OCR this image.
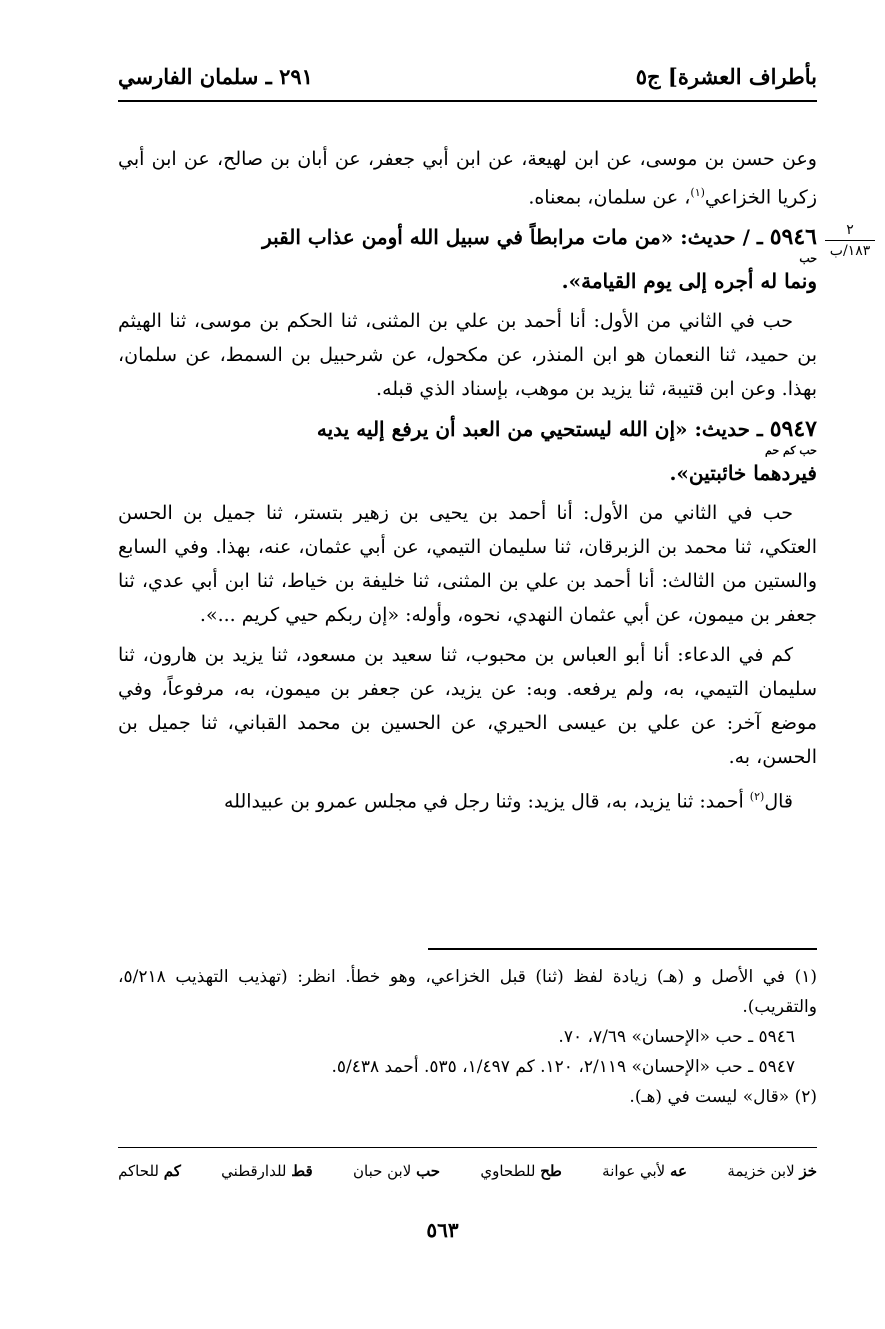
بأطراف العشرة] ج٥
٢٩١ ـ سلمان الفارسي
٢
١٨٣/ب

وعن حسن بن موسى، عن ابن لهيعة، عن ابن أبي جعفر، عن أبان بن صالح، عن ابن أبي زكريا الخزاعي$^{(١)}$، عن سلمان، بمعناه.

٥٩٤٦ ـ / حديث: «من مات مرابطاً في سبيل الله أومن عذاب القبر
حب
ونما له أجره إلى يوم القيامة».

حب في الثاني من الأول: أنا أحمد بن علي بن المثنى، ثنا الحكم بن موسى، ثنا الهيثم بن حميد، ثنا النعمان هو ابن المنذر، عن مكحول، عن شرحبيل بن السمط، عن سلمان، بهذا. وعن ابن قتيبة، ثنا يزيد بن موهب، بإسناد الذي قبله.

٥٩٤٧ ـ حديث: «إن الله ليستحيي من العبد أن يرفع إليه يديه
حب كم حم
فيردهما خائبتين».

حب في الثاني من الأول: أنا أحمد بن يحيى بن زهير بتستر، ثنا جميل بن الحسن العتكي، ثنا محمد بن الزبرقان، ثنا سليمان التيمي، عن أبي عثمان، عنه، بهذا. وفي السابع والستين من الثالث: أنا أحمد بن علي بن المثنى، ثنا خليفة بن خياط، ثنا ابن أبي عدي، ثنا جعفر بن ميمون، عن أبي عثمان النهدي، نحوه، وأوله: «إن ربكم حيي كريم ...».

كم في الدعاء: أنا أبو العباس بن محبوب، ثنا سعيد بن مسعود، ثنا يزيد بن هارون، ثنا سليمان التيمي، به، ولم يرفعه. وبه: عن يزيد، عن جعفر بن ميمون، به، مرفوعاً، وفي موضع آخر: عن علي بن عيسى الحيري، عن الحسين بن محمد القباني، ثنا جميل بن الحسن، به.

قال$^{(٢)}$ أحمد: ثنا يزيد، به، قال يزيد: وثنا رجل في مجلس عمرو بن عبيدالله

(١) في الأصل و (هـ) زيادة لفظ (ثنا) قبل الخزاعي، وهو خطأ. انظر: (تهذيب التهذيب ٥/٢١٨، والتقريب).

٥٩٤٦ ـ حب «الإحسان» ٧/٦٩، ٧٠.

٥٩٤٧ ـ حب «الإحسان» ٢/١١٩، ١٢٠. كم ١/٤٩٧، ٥٣٥. أحمد ٥/٤٣٨.

(٢) «قال» ليست في (هـ).

خز لابن خزيمة
عه لأبي عوانة
طح للطحاوي
حب لابن حبان
قط للدارقطني
كم للحاكم
٥٦٣
